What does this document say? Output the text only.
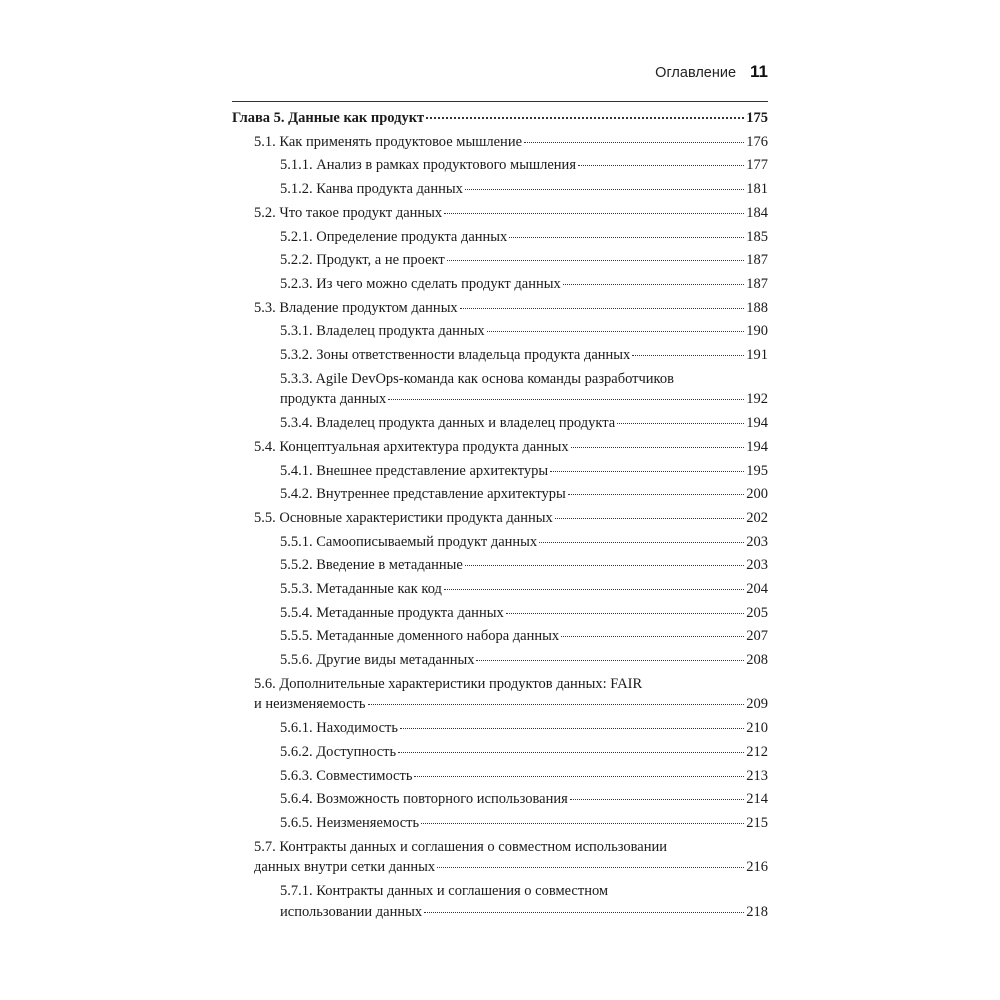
Оглавление 11
Глава 5. Данные как продукт	175
5.1. Как применять продуктовое мышление	176
5.1.1. Анализ в рамках продуктового мышления	177
5.1.2. Канва продукта данных	181
5.2. Что такое продукт данных	184
5.2.1. Определение продукта данных	185
5.2.2. Продукт, а не проект	187
5.2.3. Из чего можно сделать продукт данных	187
5.3. Владение продуктом данных	188
5.3.1. Владелец продукта данных	190
5.3.2. Зоны ответственности владельца продукта данных	191
5.3.3. Agile DevOps-команда как основа команды разработчиков
продукта данных	192
5.3.4. Владелец продукта данных и владелец продукта	194
5.4. Концептуальная архитектура продукта данных	194
5.4.1. Внешнее представление архитектуры	195
5.4.2. Внутреннее представление архитектуры	200
5.5. Основные характеристики продукта данных	202
5.5.1. Самоописываемый продукт данных	203
5.5.2. Введение в метаданные	203
5.5.3. Метаданные как код	204
5.5.4. Метаданные продукта данных	205
5.5.5. Метаданные доменного набора данных	207
5.5.6. Другие виды метаданных	208
5.6. Дополнительные характеристики продуктов данных: FAIR
и неизменяемость	209
5.6.1. Находимость	210
5.6.2. Доступность	212
5.6.3. Совместимость	213
5.6.4. Возможность повторного использования	214
5.6.5. Неизменяемость	215
5.7. Контракты данных и соглашения о совместном использовании
данных внутри сетки данных	216
5.7.1. Контракты данных и соглашения о совместном
использовании данных	218
